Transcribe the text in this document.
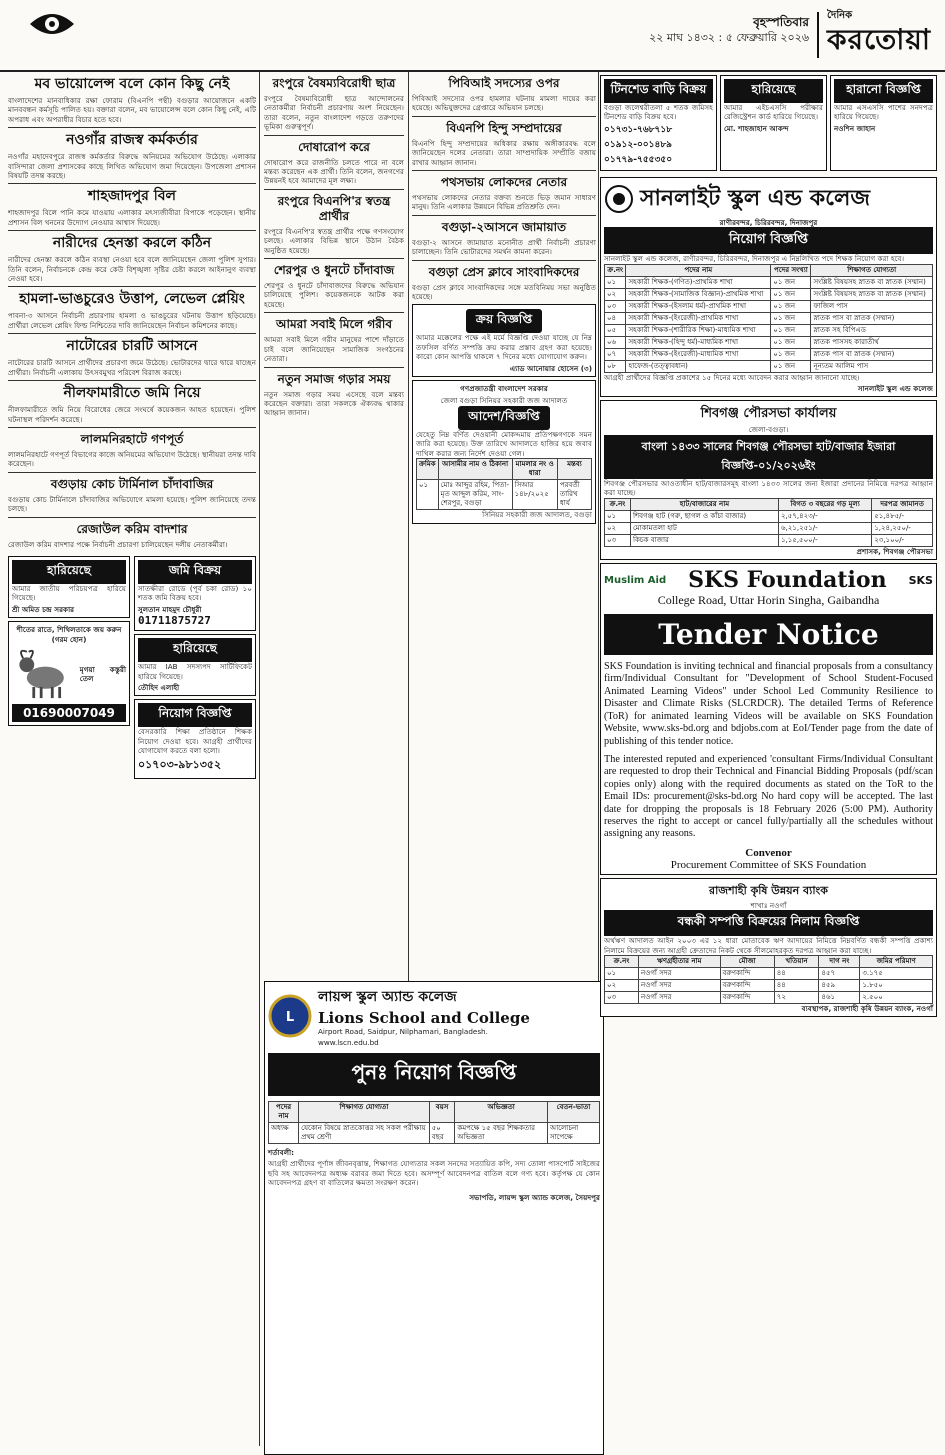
বৃহস্পতিবার
২২ মাঘ ১৪৩২ : ৫ ফেব্রুয়ারি ২০২৬
দৈনিক
করতোয়া
মব ভায়োলেন্স বলে কোন কিছু নেই
বাংলাদেশের মানবাধিকার রক্ষা ফোরাম (বিএনপি পন্থী) বগুড়ার আয়োজনে একটি মানববন্ধন কর্মসূচি পালিত হয়। বক্তারা বলেন, মব ভায়োলেন্স বলে কোন কিছু নেই, এটি অপরাধ এবং অপরাধীর বিচার হতে হবে।
নওগাঁর রাজস্ব কর্মকর্তার
নওগাঁর মহাদেবপুরে রাজস্ব কর্মকর্তার বিরুদ্ধে অনিয়মের অভিযোগ উঠেছে। এলাকার বাসিন্দারা জেলা প্রশাসকের কাছে লিখিত অভিযোগ জমা দিয়েছেন। উপজেলা প্রশাসন বিষয়টি তদন্ত করছে।
শাহজাদপুর বিল
শাহজাদপুর বিলে পানি কমে যাওয়ায় এলাকার মৎস্যজীবীরা বিপাকে পড়েছেন। স্থানীয় প্রশাসন বিল খননের উদ্যোগ নেওয়ার আশ্বাস দিয়েছে।
নারীদের হেনস্তা করলে কঠিন
নারীদের হেনস্তা করলে কঠিন ব্যবস্থা নেওয়া হবে বলে জানিয়েছেন জেলা পুলিশ সুপার। তিনি বলেন, নির্বাচনকে কেন্দ্র করে কেউ বিশৃঙ্খলা সৃষ্টির চেষ্টা করলে আইনানুগ ব্যবস্থা নেওয়া হবে।
হামলা-ভাঙচুরেও উত্তাপ, লেভেল প্লেয়িং
পাবনা-৩ আসনে নির্বাচনী প্রচারণায় হামলা ও ভাঙচুরের ঘটনায় উত্তাপ ছড়িয়েছে। প্রার্থীরা লেভেল প্লেয়িং ফিল্ড নিশ্চিতের দাবি জানিয়েছেন নির্বাচন কমিশনের কাছে।
নাটোরের চারটি আসনে
নাটোরের চারটি আসনে প্রার্থীদের প্রচারণা জমে উঠেছে। ভোটারদের দ্বারে দ্বারে যাচ্ছেন প্রার্থীরা। নির্বাচনী এলাকায় উৎসবমুখর পরিবেশ বিরাজ করছে।
নীলফামারীতে জমি নিয়ে
নীলফামারীতে জমি নিয়ে বিরোধের জেরে সংঘর্ষে কয়েকজন আহত হয়েছেন। পুলিশ ঘটনাস্থল পরিদর্শন করেছে।
লালমনিরহাটে গণপূর্ত
লালমনিরহাটে গণপূর্ত বিভাগের কাজে অনিয়মের অভিযোগ উঠেছে। স্থানীয়রা তদন্ত দাবি করেছেন।
বগুড়ায় কোচ টার্মিনাল চাঁদাবাজির
বগুড়ায় কোচ টার্মিনালে চাঁদাবাজির অভিযোগে মামলা হয়েছে। পুলিশ জানিয়েছে তদন্ত চলছে।
রেজাউল করিম বাদশার
রেজাউল করিম বাদশার পক্ষে নির্বাচনী প্রচারণা চালিয়েছেন দলীয় নেতাকর্মীরা।
হারিয়েছে
আমার জাতীয় পরিচয়পত্র হারিয়ে গিয়েছে।
শ্রী অমিত চন্দ্র সরকার
শীতের রাতে, শিথিলতাকে জয় করুন (গরম হোন)
মৃগয়া কস্তুরী তেল
01690007049
জমি বিক্রয়
সাতক্ষীরা রোডে (পূর্ব চকা রোড) ১০ শতক জমি বিক্রয় হবে।
সুলতান মাহমুদ চৌধুরী
01711875727
হারিয়েছে
আমার IAB সদস্যপদ সার্টিফিকেট হারিয়ে গিয়েছে।
তৌহিদ এলাহী
নিয়োগ বিজ্ঞপ্তি
বেসরকারি শিক্ষা প্রতিষ্ঠানে শিক্ষক নিয়োগ দেওয়া হবে। আগ্রহী প্রার্থীদের যোগাযোগ করতে বলা হলো।
০১৭০৩-৯৮১৩৫২
রংপুরে বৈষম্যবিরোধী ছাত্র
রংপুরে বৈষম্যবিরোধী ছাত্র আন্দোলনের নেতাকর্মীরা নির্বাচনী প্রচারণায় অংশ নিয়েছেন। তারা বলেন, নতুন বাংলাদেশ গড়তে তরুণদের ভূমিকা গুরুত্বপূর্ণ।
দোষারোপ করে
দোষারোপ করে রাজনীতি চলতে পারে না বলে মন্তব্য করেছেন এক প্রার্থী। তিনি বলেন, জনগণের উন্নয়নই হবে আমাদের মূল লক্ষ্য।
রংপুরে বিএনপি'র স্বতন্ত্র প্রার্থীর
রংপুরে বিএনপি'র স্বতন্ত্র প্রার্থীর পক্ষে গণসংযোগ চলছে। এলাকার বিভিন্ন স্থানে উঠান বৈঠক অনুষ্ঠিত হয়েছে।
শেরপুর ও ধুনটে চাঁদাবাজ
শেরপুর ও ধুনটে চাঁদাবাজদের বিরুদ্ধে অভিযান চালিয়েছে পুলিশ। কয়েকজনকে আটক করা হয়েছে।
আমরা সবাই মিলে গরীব
আমরা সবাই মিলে গরীব মানুষের পাশে দাঁড়াতে চাই বলে জানিয়েছেন সামাজিক সংগঠনের নেতারা।
নতুন সমাজ গড়ার সময়
নতুন সমাজ গড়ার সময় এসেছে বলে মন্তব্য করেছেন বক্তারা। তারা সকলকে ঐক্যবদ্ধ থাকার আহ্বান জানান।
পিবিআই সদস্যের ওপর
পিবিআই সদস্যের ওপর হামলার ঘটনায় মামলা দায়ের করা হয়েছে। অভিযুক্তদের গ্রেপ্তারে অভিযান চলছে।
বিএনপি হিন্দু সম্প্রদায়ের
বিএনপি হিন্দু সম্প্রদায়ের অধিকার রক্ষায় অঙ্গীকারবদ্ধ বলে জানিয়েছেন দলের নেতারা। তারা সাম্প্রদায়িক সম্প্রীতি বজায় রাখার আহ্বান জানান।
পথসভায় লোকদের নেতার
পথসভায় লোকদের নেতার বক্তব্য শুনতে ভিড় জমান সাধারণ মানুষ। তিনি এলাকার উন্নয়নে বিভিন্ন প্রতিশ্রুতি দেন।
বগুড়া-২আসনে জামায়াত
বগুড়া-২ আসনে জামায়াত মনোনীত প্রার্থী নির্বাচনী প্রচারণা চালাচ্ছেন। তিনি ভোটারদের সমর্থন কামনা করেন।
বগুড়া প্রেস ক্লাবে সাংবাদিকদের
বগুড়া প্রেস ক্লাবে সাংবাদিকদের সঙ্গে মতবিনিময় সভা অনুষ্ঠিত হয়েছে।
ক্রয় বিজ্ঞপ্তি
আমার মক্কেলের পক্ষে এই মর্মে বিজ্ঞপ্তি দেওয়া যাচ্ছে যে নিম্ন তফসিল বর্ণিত সম্পত্তি ক্রয় করার প্রস্তাব গ্রহণ করা হয়েছে। কারো কোন আপত্তি থাকলে ৭ দিনের মধ্যে যোগাযোগ করুন।
এ্যাড আনোয়ার হোসেন (৩)
গণপ্রজাতন্ত্রী বাংলাদেশ সরকার
জেলা বগুড়া সিনিয়র সহকারী জজ আদালত
আদেশ/বিজ্ঞপ্তি
যেহেতু নিম্ন বর্ণিত দেওয়ানী মোকদ্দমায় প্রতিপক্ষগণকে সমন জারি করা হয়েছে। উক্ত তারিখে আদালতে হাজির হয়ে জবাব দাখিল করার জন্য নির্দেশ দেওয়া গেল।
ক্রমিক	আসামীর নাম ও ঠিকানা	মামলার নং ও ধারা	মন্তব্য
০১	মোঃ আব্দুর রহিম, পিতা- মৃত আব্দুল করিম, সাং- শেরপুর, বগুড়া	সিআর ১৪৮/২০২৫	পরবর্তী তারিখ ধার্য
সিনিয়র সহকারী জজ আদালত, বগুড়া
L
লায়ন্স স্কুল অ্যান্ড কলেজ
Lions School and College
Airport Road, Saidpur, Nilphamari, Bangladesh.
www.lscn.edu.bd
পুনঃ নিয়োগ বিজ্ঞপ্তি
পদের নাম	শিক্ষাগত যোগ্যতা	বয়স	অভিজ্ঞতা	বেতন-ভাতা
অধ্যক্ষ	যেকোন বিষয়ে স্নাতকোত্তর সহ সকল পরীক্ষায় প্রথম শ্রেণী	৫০ বছর	কমপক্ষে ১৫ বছর শিক্ষকতার অভিজ্ঞতা	আলোচনা সাপেক্ষে
শর্তাবলী:
আগ্রহী প্রার্থীদের পূর্ণাঙ্গ জীবনবৃত্তান্ত, শিক্ষাগত যোগ্যতার সকল সনদের সত্যায়িত কপি, সদ্য তোলা পাসপোর্ট সাইজের ছবি সহ আবেদনপত্র অধ্যক্ষ বরাবর জমা দিতে হবে। অসম্পূর্ণ আবেদনপত্র বাতিল বলে গণ্য হবে। কর্তৃপক্ষ যে কোন আবেদনপত্র গ্রহণ বা বাতিলের ক্ষমতা সংরক্ষণ করেন।
সভাপতি, লায়ন্স স্কুল অ্যান্ড কলেজ, সৈয়দপুর
টিনশেড বাড়ি বিক্রয়
বগুড়া জলেশ্বরীতলা ৫ শতক জমিসহ টিনশেড বাড়ি বিক্রয় হবে।
০১৭৩১-৭৬৮৭১৮
০১৯১২-০০১৪৮৯
০১৭৭৯-৭৫৫৩৫০
হারিয়েছে
আমার এইচএসসি পরীক্ষার রেজিস্ট্রেশন কার্ড হারিয়ে গিয়েছে।
মো. শাহজাহান আকন্দ
হারানো বিজ্ঞপ্তি
আমার এসএসসি পাশের সনদপত্র হারিয়ে গিয়েছে।
নওশিন জাহান
সানলাইট স্কুল এন্ড কলেজ
রাণীরবন্দর, চিরিরবন্দর, দিনাজপুর
নিয়োগ বিজ্ঞপ্তি
সানলাইট স্কুল এন্ড কলেজ, রাণীরবন্দর, চিরিরবন্দর, দিনাজপুর এ নিম্নলিখিত পদে শিক্ষক নিয়োগ করা হবে।
ক্র.নং	পদের নাম	পদের সংখ্যা	শিক্ষাগত যোগ্যতা
০১	সহকারী শিক্ষক-(গণিত)-প্রাথমিক শাখা	০১ জন	সংশ্লিষ্ট বিষয়সহ স্নাতক বা স্নাতক (সম্মান)
০২	সহকারী শিক্ষক-(সামাজিক বিজ্ঞান)-প্রাথমিক শাখা	০১ জন	সংশ্লিষ্ট বিষয়সহ স্নাতক বা স্নাতক (সম্মান)
০৩	সহকারী শিক্ষক-(ইসলাম ধর্ম)-প্রাথমিক শাখা	০১ জন	ফাজিল পাস
০৪	সহকারী শিক্ষক-(ইংরেজী)-প্রাথমিক শাখা	০১ জন	স্নাতক পাস বা স্নাতক (সম্মান)
০৫	সহকারী শিক্ষক-(শারীরিক শিক্ষা)-মাধ্যমিক শাখা	০১ জন	স্নাতক সহ বিপিএড
০৬	সহকারী শিক্ষক-(হিন্দু ধর্ম)-মাধ্যমিক শাখা	০১ জন	স্নাতক পাসসহ কারাতীর্থ
০৭	সহকারী শিক্ষক-(ইংরেজী)-মাধ্যমিক শাখা	০১ জন	স্নাতক পাস বা স্নাতক (সম্মান)
০৮	হাফেজ-(তত্ত্বাবধান)	০১ জন	নূন্যতম আলিম পাস
আগ্রহী প্রার্থীদের বিজ্ঞপ্তি প্রকাশের ১৫ দিনের মধ্যে আবেদন করার আহ্বান জানানো যাচ্ছে।
সানলাইট স্কুল এন্ড কলেজ
শিবগঞ্জ পৌরসভা কার্যালয়
জেলা-বগুড়া।
বাংলা ১৪৩৩ সালের শিবগঞ্জ পৌরসভা হাট/বাজার ইজারা বিজ্ঞপ্তি-০১/২০২৬ইং
শিবগঞ্জ পৌরসভার আওতাধীন হাট/বাজারসমূহ বাংলা ১৪৩৩ সালের জন্য ইজারা প্রদানের নিমিত্তে দরপত্র আহ্বান করা যাচ্ছে।
ক্র.নং	হাট/বাজারের নাম	বিগত ৩ বছরের গড় মূল্য	দরপত্র জামানত
০১	শিবগঞ্জ হাট (গরু, ছাগল ও কাঁচা বাজার)	২,৫৭,৪২৩/-	৫১,৪৮৫/-
০২	মোকামতলা হাট	৬,২১,২৫১/-	১,২৪,২৫০/-
০৩	কিচক বাজার	১,১৫,৫০০/-	২৩,১০০/-
প্রশাসক, শিবগঞ্জ পৌরসভা
Muslim Aid SKS Foundation SKS
College Road, Uttar Horin Singha, Gaibandha
Tender Notice
SKS Foundation is inviting technical and financial proposals from a consultancy firm/Individual Consultant for "Development of School Student-Focused Animated Learning Videos" under School Led Community Resilience to Disaster and Climate Risks (SLCRDCR). The detailed Terms of Reference (ToR) for animated learning Videos will be available on SKS Foundation Website, www.sks-bd.org and bdjobs.com at EoI/Tender page from the date of publishing of this tender notice.
The interested reputed and experienced 'consultant Firms/Individual Consultant are requested to drop their Technical and Financial Bidding Proposals (pdf/scan copies only) along with the required documents as stated on the ToR to the Email IDs: procurement@sks-bd.org No hard copy will be accepted. The last date for dropping the proposals is 18 February 2026 (5:00 PM). Authority reserves the right to accept or cancel fully/partially all the schedules without assigning any reasons.
Convenor
Procurement Committee of SKS Foundation
রাজশাহী কৃষি উন্নয়ন ব্যাংক
শাখাঃ নওগাঁ
বন্ধকী সম্পত্তি বিক্রয়ের নিলাম বিজ্ঞপ্তি
অর্থঋণ আদালত আইন ২০০৩ এর ১২ ধারা মোতাবেক ঋণ আদায়ের নিমিত্তে নিম্নবর্ণিত বন্ধকী সম্পত্তি প্রকাশ্য নিলামে বিক্রয়ের জন্য আগ্রহী ক্রেতাদের নিকট থেকে সীলমোহরকৃত দরপত্র আহ্বান করা যাচ্ছে।
ক্র.নং	ঋণগ্রহীতার নাম	মৌজা	খতিয়ান	দাগ নং	জমির পরিমাণ
০১	নওগাঁ সদর	বরুণকান্দি	৪৪	৪৫৭	৩.১৭৫
০২	নওগাঁ সদর	বরুণকান্দি	৪৪	৪৫৯	১.৮৫০
০৩	নওগাঁ সদর	বরুণকান্দি	৭২	৪৬১	২.৫০০
ব্যবস্থাপক, রাজশাহী কৃষি উন্নয়ন ব্যাংক, নওগাঁ
